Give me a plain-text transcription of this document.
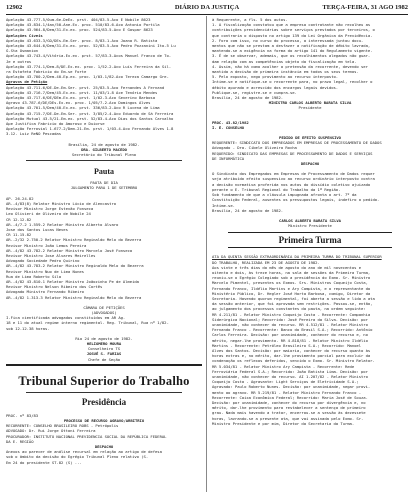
12902	DIÁRIO DA JUSTIÇA	TERÇA-FEIRA, 31 AGO 1982
Apelação 43.777-5/0um-6e-DeEx. prst. 404/83-5-Aco E Nobile 8623
Apelação 43.834-1/4an/50-Ane-Ex. proc. 510/83-6-Aco Antonio Portila
Apelação 43.964-8/Dem/31-Ex.ex. proc. 524/83-5-Aco E Gaspar 8623
Apelações Cíveis
Apelação 43.633-3/GO/DEs-Em.Ser. proc. 8/83-1-Aco Joana R. Batista
Apelação 43.644-6/Dem/31-Ex.ex. proc. 52/83-5-Aco Pedro Pozzanini Ito-5 Lu
G.Sta Osmanion
Apelação 43.743-4/Vitória-Ex.ex. prst. 57/83-3-Acos Manuel Franco de To-
Je e outros
Apelação 43.774-1/Dem-8/DE-Ex.ex. proc. 1/52-2-Aco Luís Ferreira da Sil-
ra Estafeta Fabricio do Em-se Forte
Apelação 43.700-2/Dem-40-Ep.ex. proc. 1/03-1/82-Aco Tereza Camargo Gre-
Agravos de Petição
Apelação 43.711-6/DE-De-Em.Ser. prst. 25/83-5-Aco Fernandes A Fernand
Apelação 43.716-7/Dem/45-Ex.ex. prst. 11/03/1-8 Ace Tenório Mendes
Apelação 43.717-6/DE/DEm-Ex.ex. prst. 1/02-3-Aco Severino Barbosa
Agravo 43.787-6/DE/DEs-Ex.ex. proc. 1/05/7-2-Aco Domingos Alves
Apelação 43.701-5/Dem/40-Ex.ex. prst. 336/83-2-Aco R Lucena de Lima
Apelação 43.715-7/DE-De-Em.Ser. prst. 3/85/2-4-Aco Eduardo de Sá Ferreira
Apelação Mutual 43.5/21-Em.ex. prst. 52/83-4-Aco Dias dos Santos Carvalho
Ape Justifica Fabricio do Amoroso e Duiorse
Apelação Ferrovial 1.677-2/Dem-21-Em. prst. 1/03-4-Aco Fernando Alves 1-8
3.12. Luiz ReNO Pescadas
Brasília, 24 de agosto de 1982.
DRA. GILBERTO MACEDO
Secretário do Tribunal Pleno
Pauta
PAUTA DE DIA
JULGAMENTO PARA 1 DE SETEMBRO
AP. 26.24.82
AR.-4/83(8) Relator Ministro Lúcio de Alencastro
Revisor Ministro Jorge Estevão Fonseca
Leo Olivieri de Oliveira de Nobile 24
CR 12.12.82
AR.-4/7-2 1.559-2 Relator Ministro Alberto Alvaro
Jose dos Santos Lucas Neves
CR 11.15.82
AR.-2/32 2.750-2 Relator Ministro Reginaldo Melo do Bezerra
Revisor Ministro João Lemos Pereira
AR.-4/82 43.782-2 Relator Ministro Marcelo José Fonseca
Revisor Ministro Jose Alvares Meirelles
Advogado Sociedade Pedro Quirino
AR.-4/82 43.783-2 Relator Ministro Reginaldo Melo do Bezerra
Revisor Ministro Nuo de Lima Nunes
Rua de Lima Roberto Sila
AR.-4/82 43.810-1 Relator Ministro Joãozinho Pe de Almeida
Revisor Ministro Nelson Ribeiro dos Cortês
Advogado Ministro Fernando Ribeiro
AR.-4/82 1.313-3 Relator Ministro Reginaldo Melo do Bezerra
CÂMARA DE PETIÇÕES
(ADVOGADOS)
I.Fica cientificada advogados constituídos em AR Ag.
18 e 11 do atual regime interno regimental. Reg. Tribunal, Rua nº 1/82-
sob 12.12.38 horas.
Rio 24 de agosto de 1982.
HELIOMERO MOURA
Conselheiro TS
JOSUÉ S. FARIAS
Chefe de Seção
Tribunal Superior do Trabalho
Presidência
PROC. nº 83/83
PROCESSO DE RECURSO AGRAVO/ARBITRIO
RECORRENTE: CONSELHO BRASILEIRO ROBS - Petrópolis
ADVOGADO: Dr. Rui Jorge Ottoni Ferreira
PROCURADOR: INSTITUTO NACIONAL PREVIDENCIA SOCIAL DA REPÚBLICA FEDERAL
DA E. REGIÃO
DESPACHO
Anexos ao parecer de análise recursal em relação ao artigo de defesa
sob o âmbito da decisão do Egrégio Tribunal Pleno relativo (S.
Em 24 do presidente ST.82 (S) ...
à Requerente, a fls. 5 dos autos.
1. A fiscalização constatou que a empresa contratante não recolheu as
contribuições previdenciárias sobre serviços prestados por terceiros, o
que contraria o disposto no artigo 139 da Lei Orgânica da Previdência.
2. Fora com isso, no curso do processo, a interessada juntou docu-
mentos que não se prestam a desfazer a notificação de débito lavrada,
mantendo-se a exigência na forma do artigo 141 do Regulamento vigente.
3. É de se observar, ademais, que os recolhimentos alegados não guar-
dam relação com as competências objeto da fiscalização em tela.
4. Assim, não há como acolher a pretensão da recorrente, devendo ser
mantida a decisão de primeira instância em todos os seus termos.
5. Pelo exposto, nego provimento ao recurso interposto.
Intime-se e notifique-se o recorrente para, no prazo legal, recolher o
débito apurado e acrescido dos encargos legais devidos.
Publique-se, registre-se e cumpra-se.
Brasília, 24 de agosto de 1982.
MINISTRO CARLOS ALBERTO BARATA SILVA
Presidente
PROC. 43.82/1982
I. E. CONSELHO
PEDIDO DE EFEITO SUSPENSIVO
REQUERENTE: SINDICATO DOS EMPREGADOS EM EMPRESAS DE PROCESSAMENTO DE DADOS
Advogado - Dra. Cibele Oliveira Rocha
REQUERIDO: SINDICATO DAS EMPRESAS DE PROCESSAMENTO DE DADOS E SERVIÇOS
DE INFORMÁTICA
DESPACHO
O Sindicato dos Empregados em Empresas de Processamento de Dados requer
seja atribuído efeito suspensivo ao recurso ordinário interposto contra
a decisão normativa proferida nos autos do dissídio coletivo ajuizado
perante o E. Tribunal Regional do Trabalho da 1ª Região.
Sob fundamento de que a cláusula impugnada afronta o art. 7º da
Constituição Federal, ausentes os pressupostos legais, indefiro o pedido.
Intime-se.
Brasília, 24 de agosto de 1982.
CARLOS ALBERTO BARATA SILVA
Ministro Presidente
Primeira Turma
ATA DA QUINTA SESSÃO EXTRAORDINÁRIA DA PRIMEIRA TURMA DO TRIBUNAL SUPERIOR
DO TRABALHO, REALIZADA EM 23 DE AGOSTO DE 1982.
Aos vinte e três dias do mês de agosto do ano de mil novecentos e
oitenta e dois, às treze horas, na sala de sessões da Primeira Turma,
reuniu-se o Egrégio Colegiado sob a presidência do Exmo. Sr. Ministro
Marcelo Pimentel, presentes os Exmos. Srs. Ministros Coqueijo Costa,
Fernando Franco, Ildélio Martins e Ary Campista, e o representante do
Ministério Público, Dr. Hegler José Horta Barbosa, comigo, Diretor da
Secretaria. Havendo quorum regimental, foi aberta a sessão e lida a ata
da sessão anterior, que foi aprovada sem restrições. Passou-se, então,
ao julgamento dos processos constantes da pauta, na ordem seguinte:
RR 4.211/81 - Relator Ministro Coqueijo Costa - Recorrente: Companhia
Siderúrgica Nacional; Recorrido: José Pereira da Silva. Decisão: por
unanimidade, não conhecer do recurso. RR 4.512/81 - Relator Ministro
Fernando Franco - Recorrente: Banco do Brasil S.A.; Recorrido: Antônio
Carlos Ferreira. Decisão: por unanimidade, conhecer do recurso e, no
mérito, negar-lhe provimento. RR 4.818/81 - Relator Ministro Ildélio
Martins - Recorrente: Petróleo Brasileiro S.A.; Recorrido: Manoel
Alves dos Santos. Decisão: por maioria, conhecer do recurso quanto às
horas extras e, no mérito, dar-lhe provimento parcial para excluir da
condenação os reflexos deferidos, vencido o Exmo. Sr. Ministro Relator.
RR 5.034/81 - Relator Ministro Ary Campista - Recorrente: Rede
Ferroviária Federal S.A.; Recorrido: João Batista Lima. Decisão: por
unanimidade, não conhecer do recurso. AI 1.207/82 - Relator Ministro
Coqueijo Costa - Agravante: Light Serviços de Eletricidade S.A.;
Agravado: Paulo Roberto Nunes. Decisão: por unanimidade, negar provi-
mento ao agravo. RR 5.219/81 - Relator Ministro Fernando Franco -
Recorrente: Caixa Econômica Federal; Recorrido: Maria José de Souza.
Decisão: por unanimidade, conhecer do recurso por divergência e, no
mérito, dar-lhe provimento para restabelecer a sentença de primeiro
grau. Nada mais havendo a tratar, encerrou-se a sessão às dezessete
horas, lavrando-se a presente ata, que vai assinada pelo Exmo. Sr.
Ministro Presidente e por mim, Diretor da Secretaria da Turma.
